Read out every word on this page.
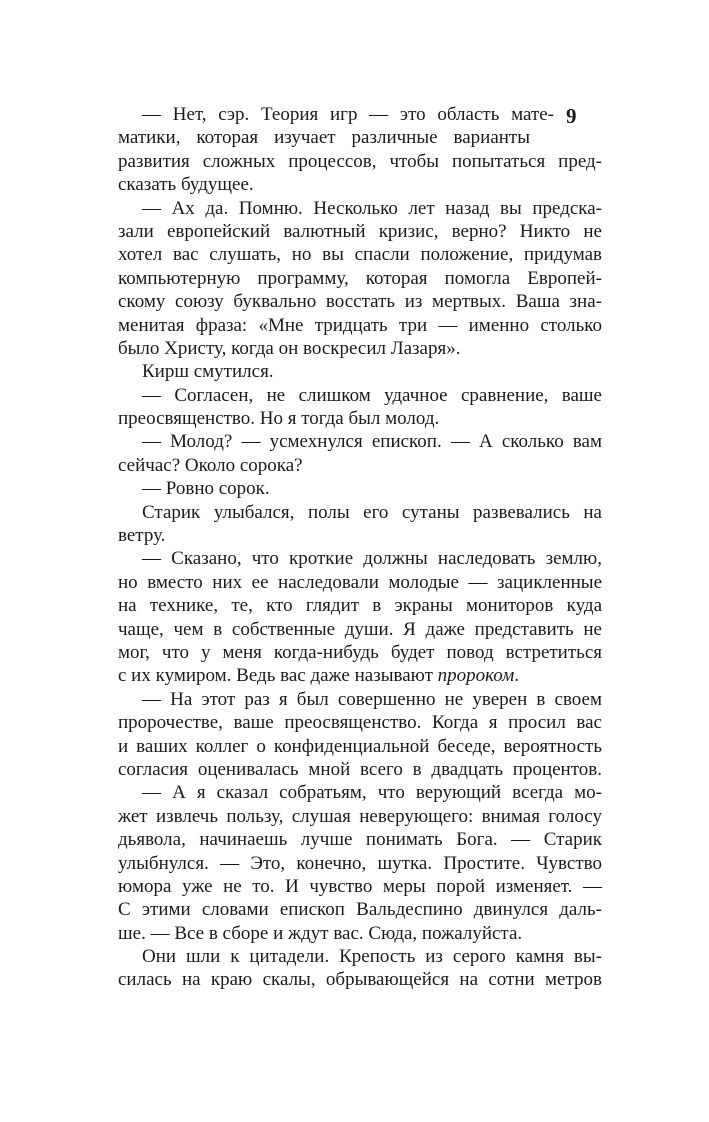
9
— Нет, сэр. Теория игр — это область мате-
матики, которая изучает различные варианты
развития сложных процессов, чтобы попытаться пред-
сказать будущее.
— Ах да. Помню. Несколько лет назад вы предска-
зали европейский валютный кризис, верно? Никто не
хотел вас слушать, но вы спасли положение, придумав
компьютерную программу, которая помогла Европей-
скому союзу буквально восстать из мертвых. Ваша зна-
менитая фраза: «Мне тридцать три — именно столько
было Христу, когда он воскресил Лазаря».
Кирш смутился.
— Согласен, не слишком удачное сравнение, ваше
преосвященство. Но я тогда был молод.
— Молод? — усмехнулся епископ. — А сколько вам
сейчас? Около сорока?
— Ровно сорок.
Старик улыбался, полы его сутаны развевались на
ветру.
— Сказано, что кроткие должны наследовать землю,
но вместо них ее наследовали молодые — зацикленные
на технике, те, кто глядит в экраны мониторов куда
чаще, чем в собственные души. Я даже представить не
мог, что у меня когда-нибудь будет повод встретиться
с их кумиром. Ведь вас даже называют пророком.
— На этот раз я был совершенно не уверен в своем
пророчестве, ваше преосвященство. Когда я просил вас
и ваших коллег о конфиденциальной беседе, вероятность
согласия оценивалась мной всего в двадцать процентов.
— А я сказал собратьям, что верующий всегда мо-
жет извлечь пользу, слушая неверующего: внимая голосу
дьявола, начинаешь лучше понимать Бога. — Старик
улыбнулся. — Это, конечно, шутка. Простите. Чувство
юмора уже не то. И чувство меры порой изменяет. —
С этими словами епископ Вальдеспино двинулся даль-
ше. — Все в сборе и ждут вас. Сюда, пожалуйста.
Они шли к цитадели. Крепость из серого камня вы-
силась на краю скалы, обрывающейся на сотни метров
